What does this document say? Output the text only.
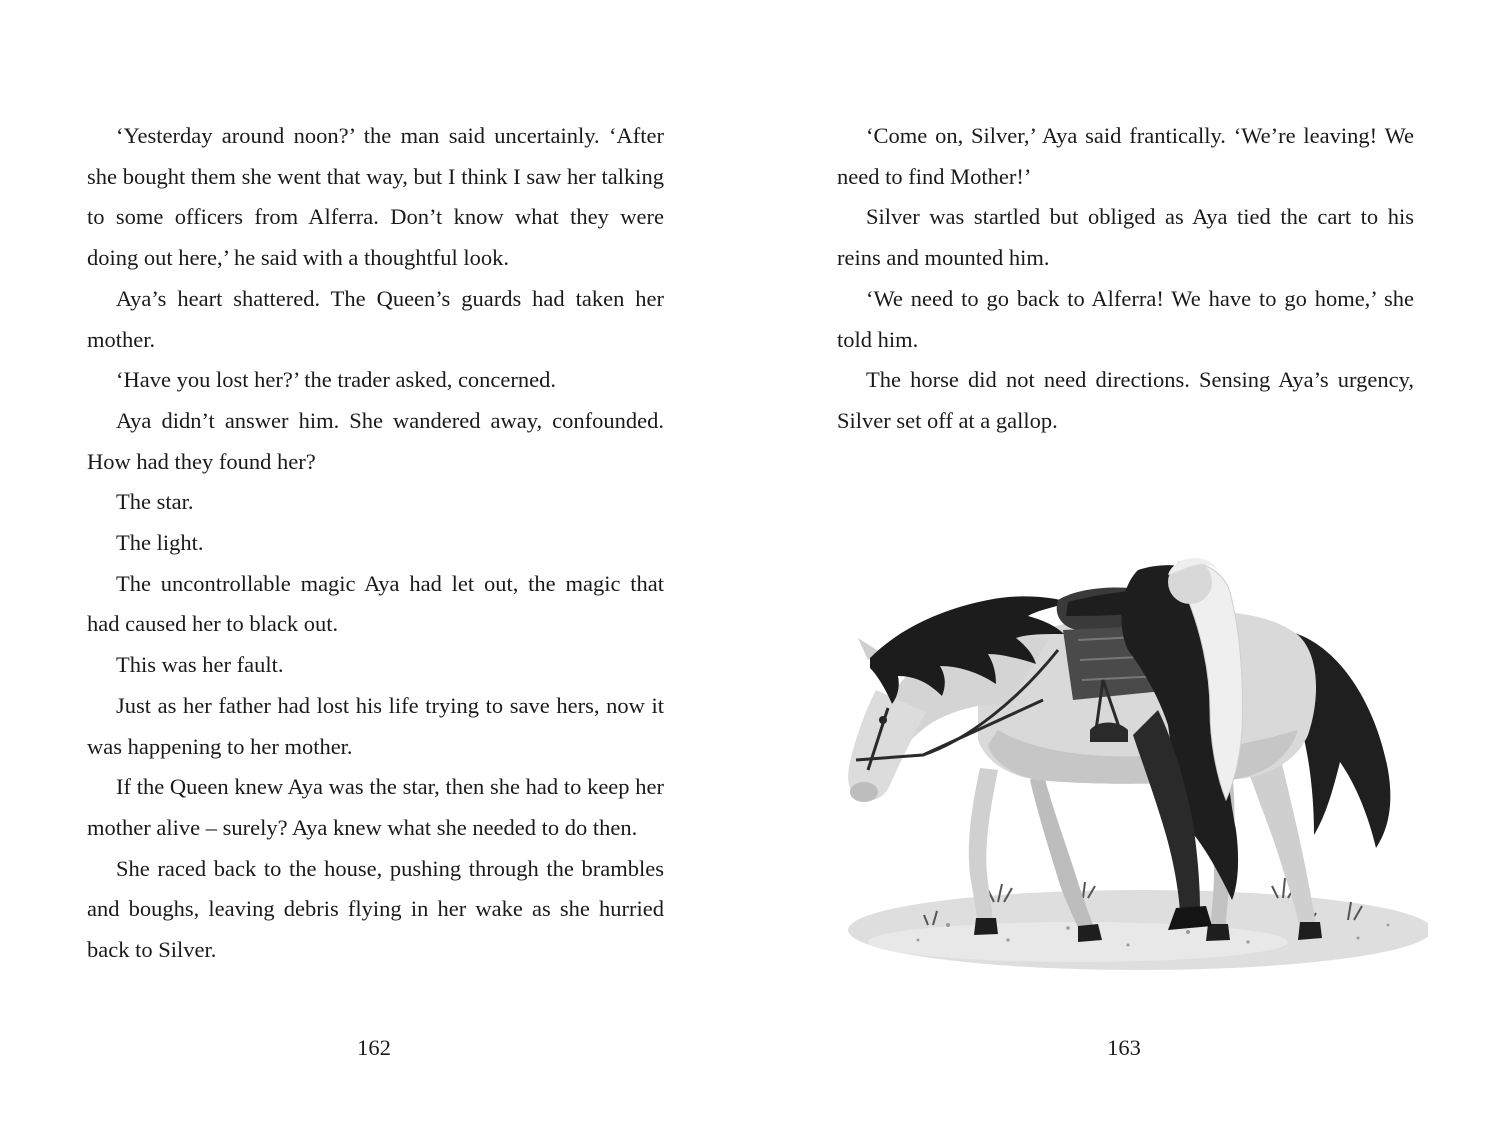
‘Yesterday around noon?’ the man said uncertainly. ‘After she bought them she went that way, but I think I saw her talking to some officers from Alferra. Don’t know what they were doing out here,’ he said with a thoughtful look.

Aya’s heart shattered. The Queen’s guards had taken her mother.

‘Have you lost her?’ the trader asked, concerned.

Aya didn’t answer him. She wandered away, confounded. How had they found her?

The star.

The light.

The uncontrollable magic Aya had let out, the magic that had caused her to black out.

This was her fault.

Just as her father had lost his life trying to save hers, now it was happening to her mother.

If the Queen knew Aya was the star, then she had to keep her mother alive – surely? Aya knew what she needed to do then.

She raced back to the house, pushing through the brambles and boughs, leaving debris flying in her wake as she hurried back to Silver.

162

‘Come on, Silver,’ Aya said frantically. ‘We’re leaving! We need to find Mother!’

Silver was startled but obliged as Aya tied the cart to his reins and mounted him.

‘We need to go back to Alferra! We have to go home,’ she told him.

The horse did not need directions. Sensing Aya’s urgency, Silver set off at a gallop.

163
